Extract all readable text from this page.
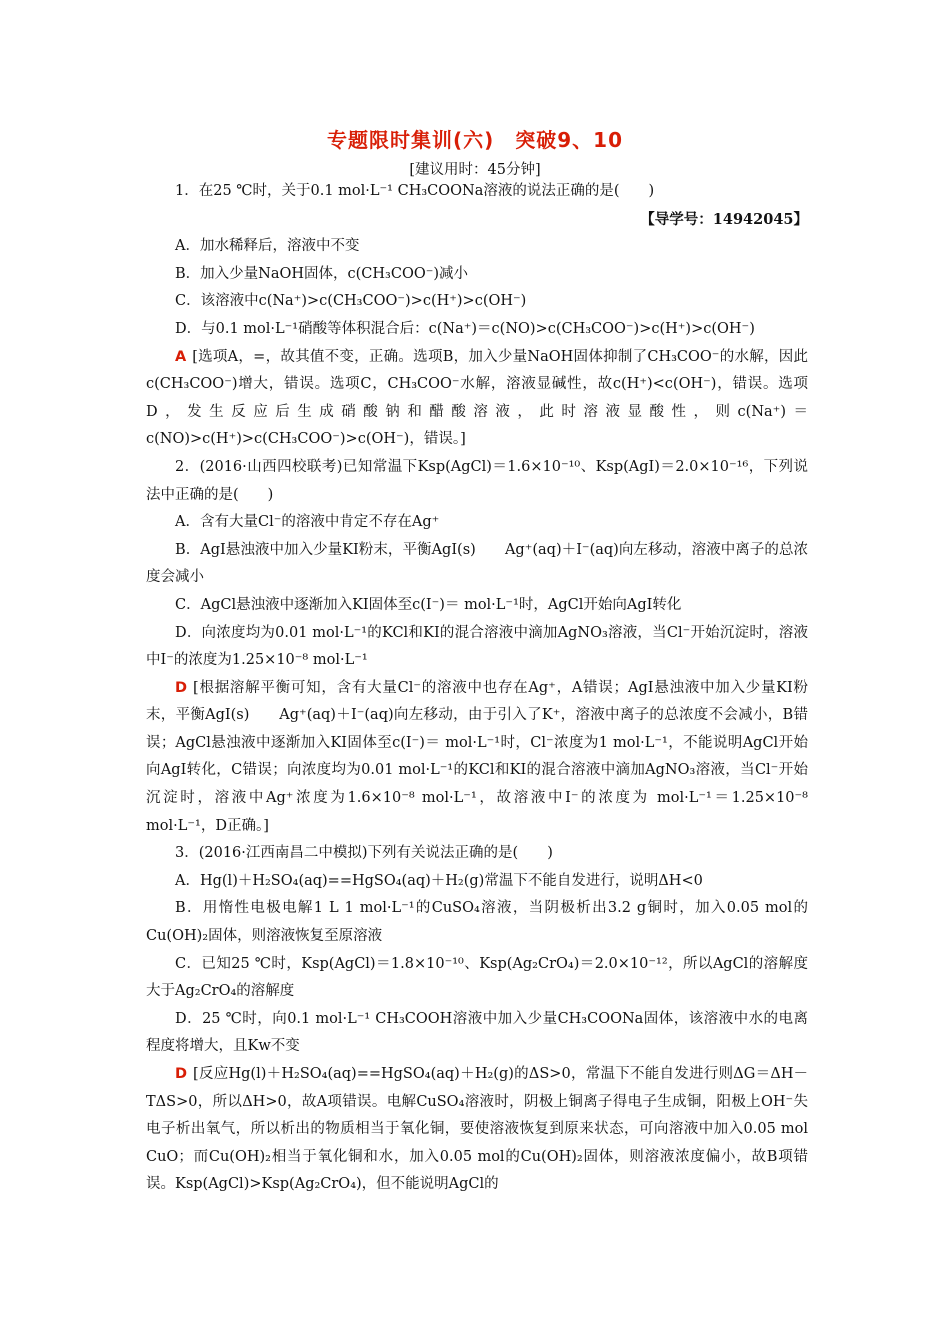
专题限时集训(六)　突破9、10
[建议用时：45分钟]

1．在25 ℃时，关于0.1 mol·L⁻¹ CH₃COONa溶液的说法正确的是(　　)

【导学号：14942045】

A．加水稀释后，溶液中不变

B．加入少量NaOH固体，c(CH₃COO⁻)减小

C．该溶液中c(Na⁺)>c(CH₃COO⁻)>c(H⁺)>c(OH⁻)

D．与0.1 mol·L⁻¹硝酸等体积混合后：c(Na⁺)＝c(NO)>c(CH₃COO⁻)>c(H⁺)>c(OH⁻)

A [选项A，=，故其值不变，正确。选项B，加入少量NaOH固体抑制了CH₃COO⁻的水解，因此c(CH₃COO⁻)增大，错误。选项C，CH₃COO⁻水解，溶液显碱性，故c(H⁺)<c(OH⁻)，错误。选项D，发生反应后生成硝酸钠和醋酸溶液，此时溶液显酸性，则c(Na⁺)＝c(NO)>c(H⁺)>c(CH₃COO⁻)>c(OH⁻)，错误。]

2．(2016·山西四校联考)已知常温下Ksp(AgCl)＝1.6×10⁻¹⁰、Ksp(AgI)＝2.0×10⁻¹⁶，下列说法中正确的是(　　)

A．含有大量Cl⁻的溶液中肯定不存在Ag⁺

B．AgI悬浊液中加入少量KI粉末，平衡AgI(s)　　Ag⁺(aq)＋I⁻(aq)向左移动，溶液中离子的总浓度会减小

C．AgCl悬浊液中逐渐加入KI固体至c(I⁻)＝ mol·L⁻¹时，AgCl开始向AgI转化

D．向浓度均为0.01 mol·L⁻¹的KCl和KI的混合溶液中滴加AgNO₃溶液，当Cl⁻开始沉淀时，溶液中I⁻的浓度为1.25×10⁻⁸ mol·L⁻¹

D [根据溶解平衡可知，含有大量Cl⁻的溶液中也存在Ag⁺，A错误；AgI悬浊液中加入少量KI粉末，平衡AgI(s)　　Ag⁺(aq)＋I⁻(aq)向左移动，由于引入了K⁺，溶液中离子的总浓度不会减小，B错误；AgCl悬浊液中逐渐加入KI固体至c(I⁻)＝ mol·L⁻¹时，Cl⁻浓度为1 mol·L⁻¹，不能说明AgCl开始向AgI转化，C错误；向浓度均为0.01 mol·L⁻¹的KCl和KI的混合溶液中滴加AgNO₃溶液，当Cl⁻开始沉淀时，溶液中Ag⁺浓度为1.6×10⁻⁸ mol·L⁻¹，故溶液中I⁻的浓度为 mol·L⁻¹＝1.25×10⁻⁸ mol·L⁻¹，D正确。]

3．(2016·江西南昌二中模拟)下列有关说法正确的是(　　)

A．Hg(l)＋H₂SO₄(aq)==HgSO₄(aq)＋H₂(g)常温下不能自发进行，说明ΔH<0

B．用惰性电极电解1 L 1 mol·L⁻¹的CuSO₄溶液，当阴极析出3.2 g铜时，加入0.05 mol的Cu(OH)₂固体，则溶液恢复至原溶液

C．已知25 ℃时，Ksp(AgCl)＝1.8×10⁻¹⁰、Ksp(Ag₂CrO₄)＝2.0×10⁻¹²，所以AgCl的溶解度大于Ag₂CrO₄的溶解度

D．25 ℃时，向0.1 mol·L⁻¹ CH₃COOH溶液中加入少量CH₃COONa固体，该溶液中水的电离程度将增大，且Kw不变

D [反应Hg(l)＋H₂SO₄(aq)==HgSO₄(aq)＋H₂(g)的ΔS>0，常温下不能自发进行则ΔG＝ΔH－TΔS>0，所以ΔH>0，故A项错误。电解CuSO₄溶液时，阴极上铜离子得电子生成铜，阳极上OH⁻失电子析出氧气，所以析出的物质相当于氧化铜，要使溶液恢复到原来状态，可向溶液中加入0.05 mol CuO；而Cu(OH)₂相当于氧化铜和水，加入0.05 mol的Cu(OH)₂固体，则溶液浓度偏小，故B项错误。Ksp(AgCl)>Ksp(Ag₂CrO₄)，但不能说明AgCl的
